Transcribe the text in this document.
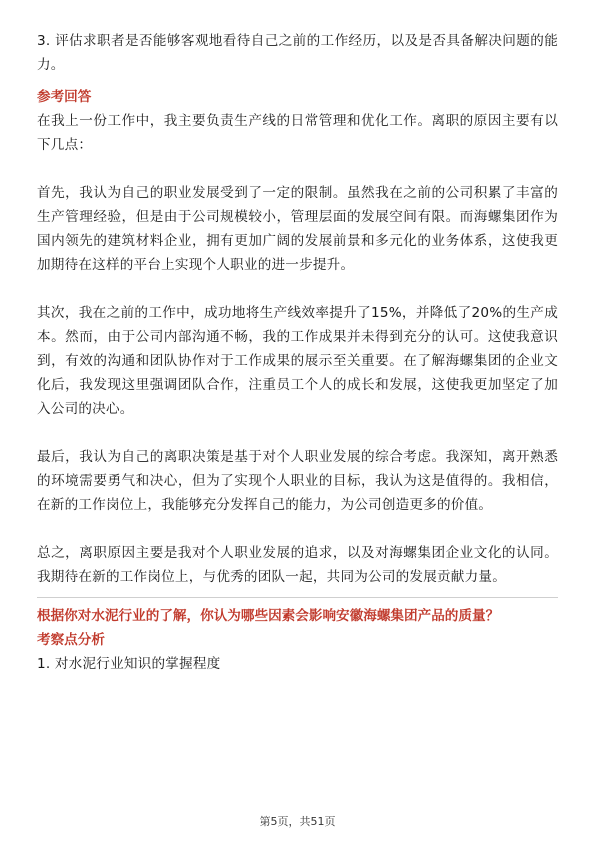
3. 评估求职者是否能够客观地看待自己之前的工作经历，以及是否具备解决问题的能力。

参考回答

在我上一份工作中，我主要负责生产线的日常管理和优化工作。离职的原因主要有以下几点：

首先，我认为自己的职业发展受到了一定的限制。虽然我在之前的公司积累了丰富的生产管理经验，但是由于公司规模较小，管理层面的发展空间有限。而海螺集团作为国内领先的建筑材料企业，拥有更加广阔的发展前景和多元化的业务体系，这使我更加期待在这样的平台上实现个人职业的进一步提升。

其次，我在之前的工作中，成功地将生产线效率提升了15%，并降低了20%的生产成本。然而，由于公司内部沟通不畅，我的工作成果并未得到充分的认可。这使我意识到，有效的沟通和团队协作对于工作成果的展示至关重要。在了解海螺集团的企业文化后，我发现这里强调团队合作，注重员工个人的成长和发展，这使我更加坚定了加入公司的决心。

最后，我认为自己的离职决策是基于对个人职业发展的综合考虑。我深知，离开熟悉的环境需要勇气和决心，但为了实现个人职业的目标，我认为这是值得的。我相信，在新的工作岗位上，我能够充分发挥自己的能力，为公司创造更多的价值。

总之，离职原因主要是我对个人职业发展的追求，以及对海螺集团企业文化的认同。我期待在新的工作岗位上，与优秀的团队一起，共同为公司的发展贡献力量。

根据你对水泥行业的了解，你认为哪些因素会影响安徽海螺集团产品的质量？

考察点分析

1. 对水泥行业知识的掌握程度

第5页，共51页
